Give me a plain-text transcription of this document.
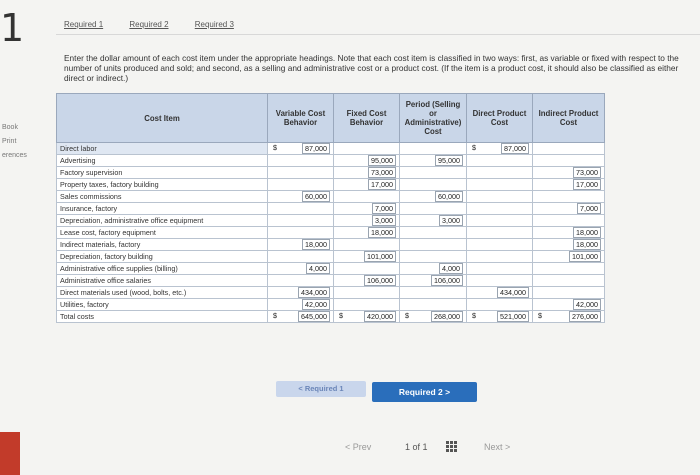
1
Book
Print
erences
Required 1	Required 2	Required 3
Enter the dollar amount of each cost item under the appropriate headings. Note that each cost item is classified in two ways: first, as variable or fixed with respect to the number of units produced and sold; and second, as a selling and administrative cost or a product cost. (If the item is a product cost, it should also be classified as either direct or indirect.)
Cost Item	Variable Cost Behavior	Fixed Cost Behavior	Period (Selling or Administrative) Cost	Direct Product Cost	Indirect Product Cost
Direct labor	$ 87,000			$ 87,000	
Advertising		95,000	95,000		
Factory supervision		73,000			73,000
Property taxes, factory building		17,000			17,000
Sales commissions	60,000		60,000		
Insurance, factory		7,000			7,000
Depreciation, administrative office equipment		3,000	3,000		
Lease cost, factory equipment		18,000			18,000
Indirect materials, factory	18,000				18,000
Depreciation, factory building		101,000			101,000
Administrative office supplies (billing)	4,000		4,000		
Administrative office salaries		106,000	106,000		
Direct materials used (wood, bolts, etc.)	434,000			434,000	
Utilities, factory	42,000				42,000
Total costs	$ 645,000	$ 420,000	$ 268,000	$ 521,000	$ 276,000
< Required 1	Required 2 >
< Prev	1 of 1	Next >
